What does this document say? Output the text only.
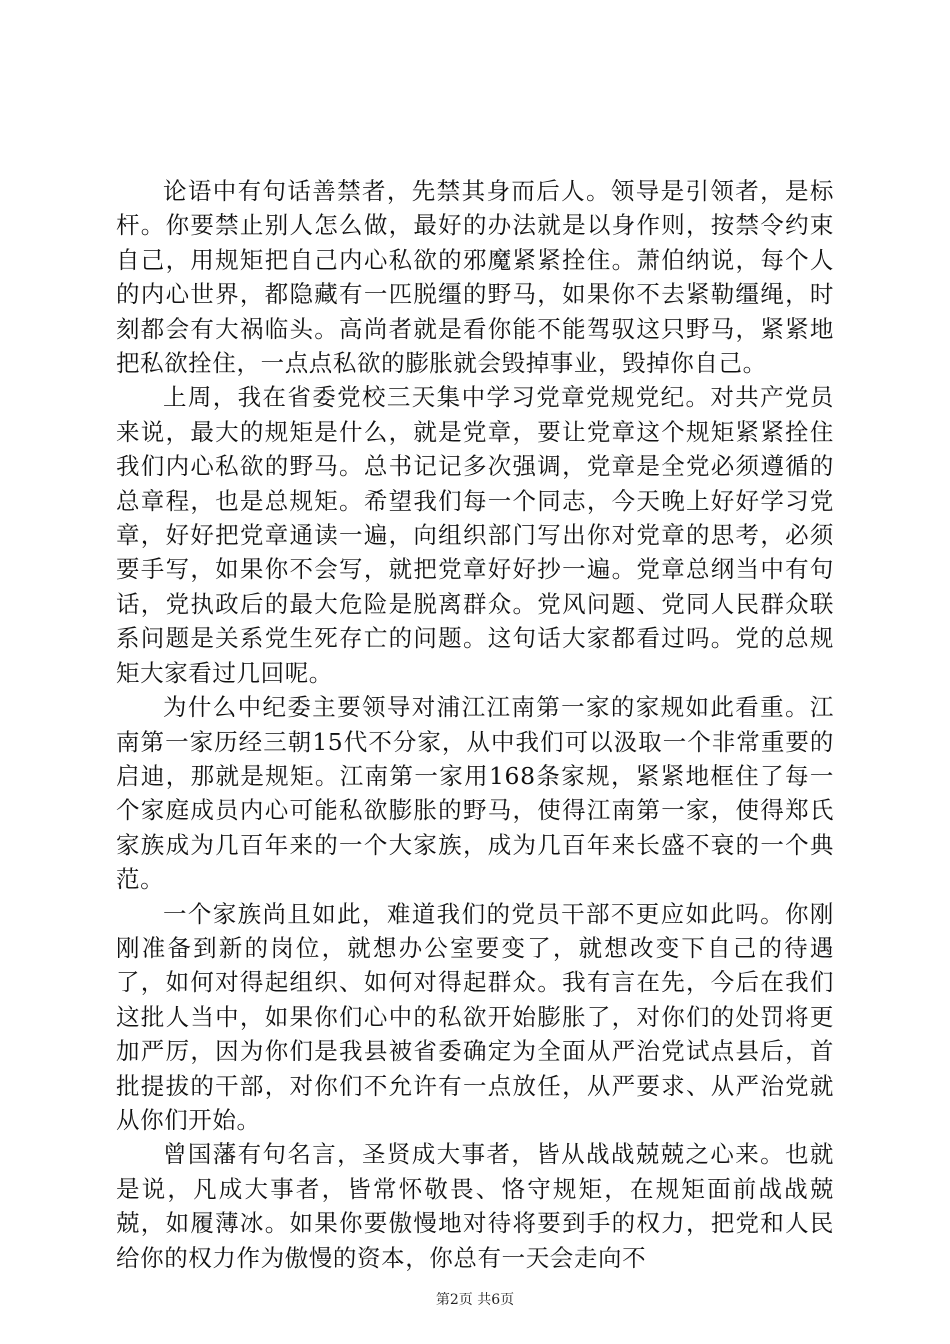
论语中有句话善禁者，先禁其身而后人。领导是引领者，是标杆。你要禁止别人怎么做，最好的办法就是以身作则，按禁令约束自己，用规矩把自己内心私欲的邪魔紧紧拴住。萧伯纳说，每个人的内心世界，都隐藏有一匹脱缰的野马，如果你不去紧勒缰绳，时刻都会有大祸临头。高尚者就是看你能不能驾驭这只野马，紧紧地把私欲拴住，一点点私欲的膨胀就会毁掉事业，毁掉你自己。

上周，我在省委党校三天集中学习党章党规党纪。对共产党员来说，最大的规矩是什么，就是党章，要让党章这个规矩紧紧拴住我们内心私欲的野马。总书记记多次强调，党章是全党必须遵循的总章程，也是总规矩。希望我们每一个同志，今天晚上好好学习党章，好好把党章通读一遍，向组织部门写出你对党章的思考，必须要手写，如果你不会写，就把党章好好抄一遍。党章总纲当中有句话，党执政后的最大危险是脱离群众。党风问题、党同人民群众联系问题是关系党生死存亡的问题。这句话大家都看过吗。党的总规矩大家看过几回呢。

为什么中纪委主要领导对浦江江南第一家的家规如此看重。江南第一家历经三朝15代不分家，从中我们可以汲取一个非常重要的启迪，那就是规矩。江南第一家用168条家规，紧紧地框住了每一个家庭成员内心可能私欲膨胀的野马，使得江南第一家，使得郑氏家族成为几百年来的一个大家族，成为几百年来长盛不衰的一个典范。

一个家族尚且如此，难道我们的党员干部不更应如此吗。你刚刚准备到新的岗位，就想办公室要变了，就想改变下自己的待遇了，如何对得起组织、如何对得起群众。我有言在先，今后在我们这批人当中，如果你们心中的私欲开始膨胀了，对你们的处罚将更加严厉，因为你们是我县被省委确定为全面从严治党试点县后，首批提拔的干部，对你们不允许有一点放任，从严要求、从严治党就从你们开始。

曾国藩有句名言，圣贤成大事者，皆从战战兢兢之心来。也就是说，凡成大事者，皆常怀敬畏、恪守规矩，在规矩面前战战兢兢，如履薄冰。如果你要傲慢地对待将要到手的权力，把党和人民给你的权力作为傲慢的资本，你总有一天会走向不

第2页 共6页
